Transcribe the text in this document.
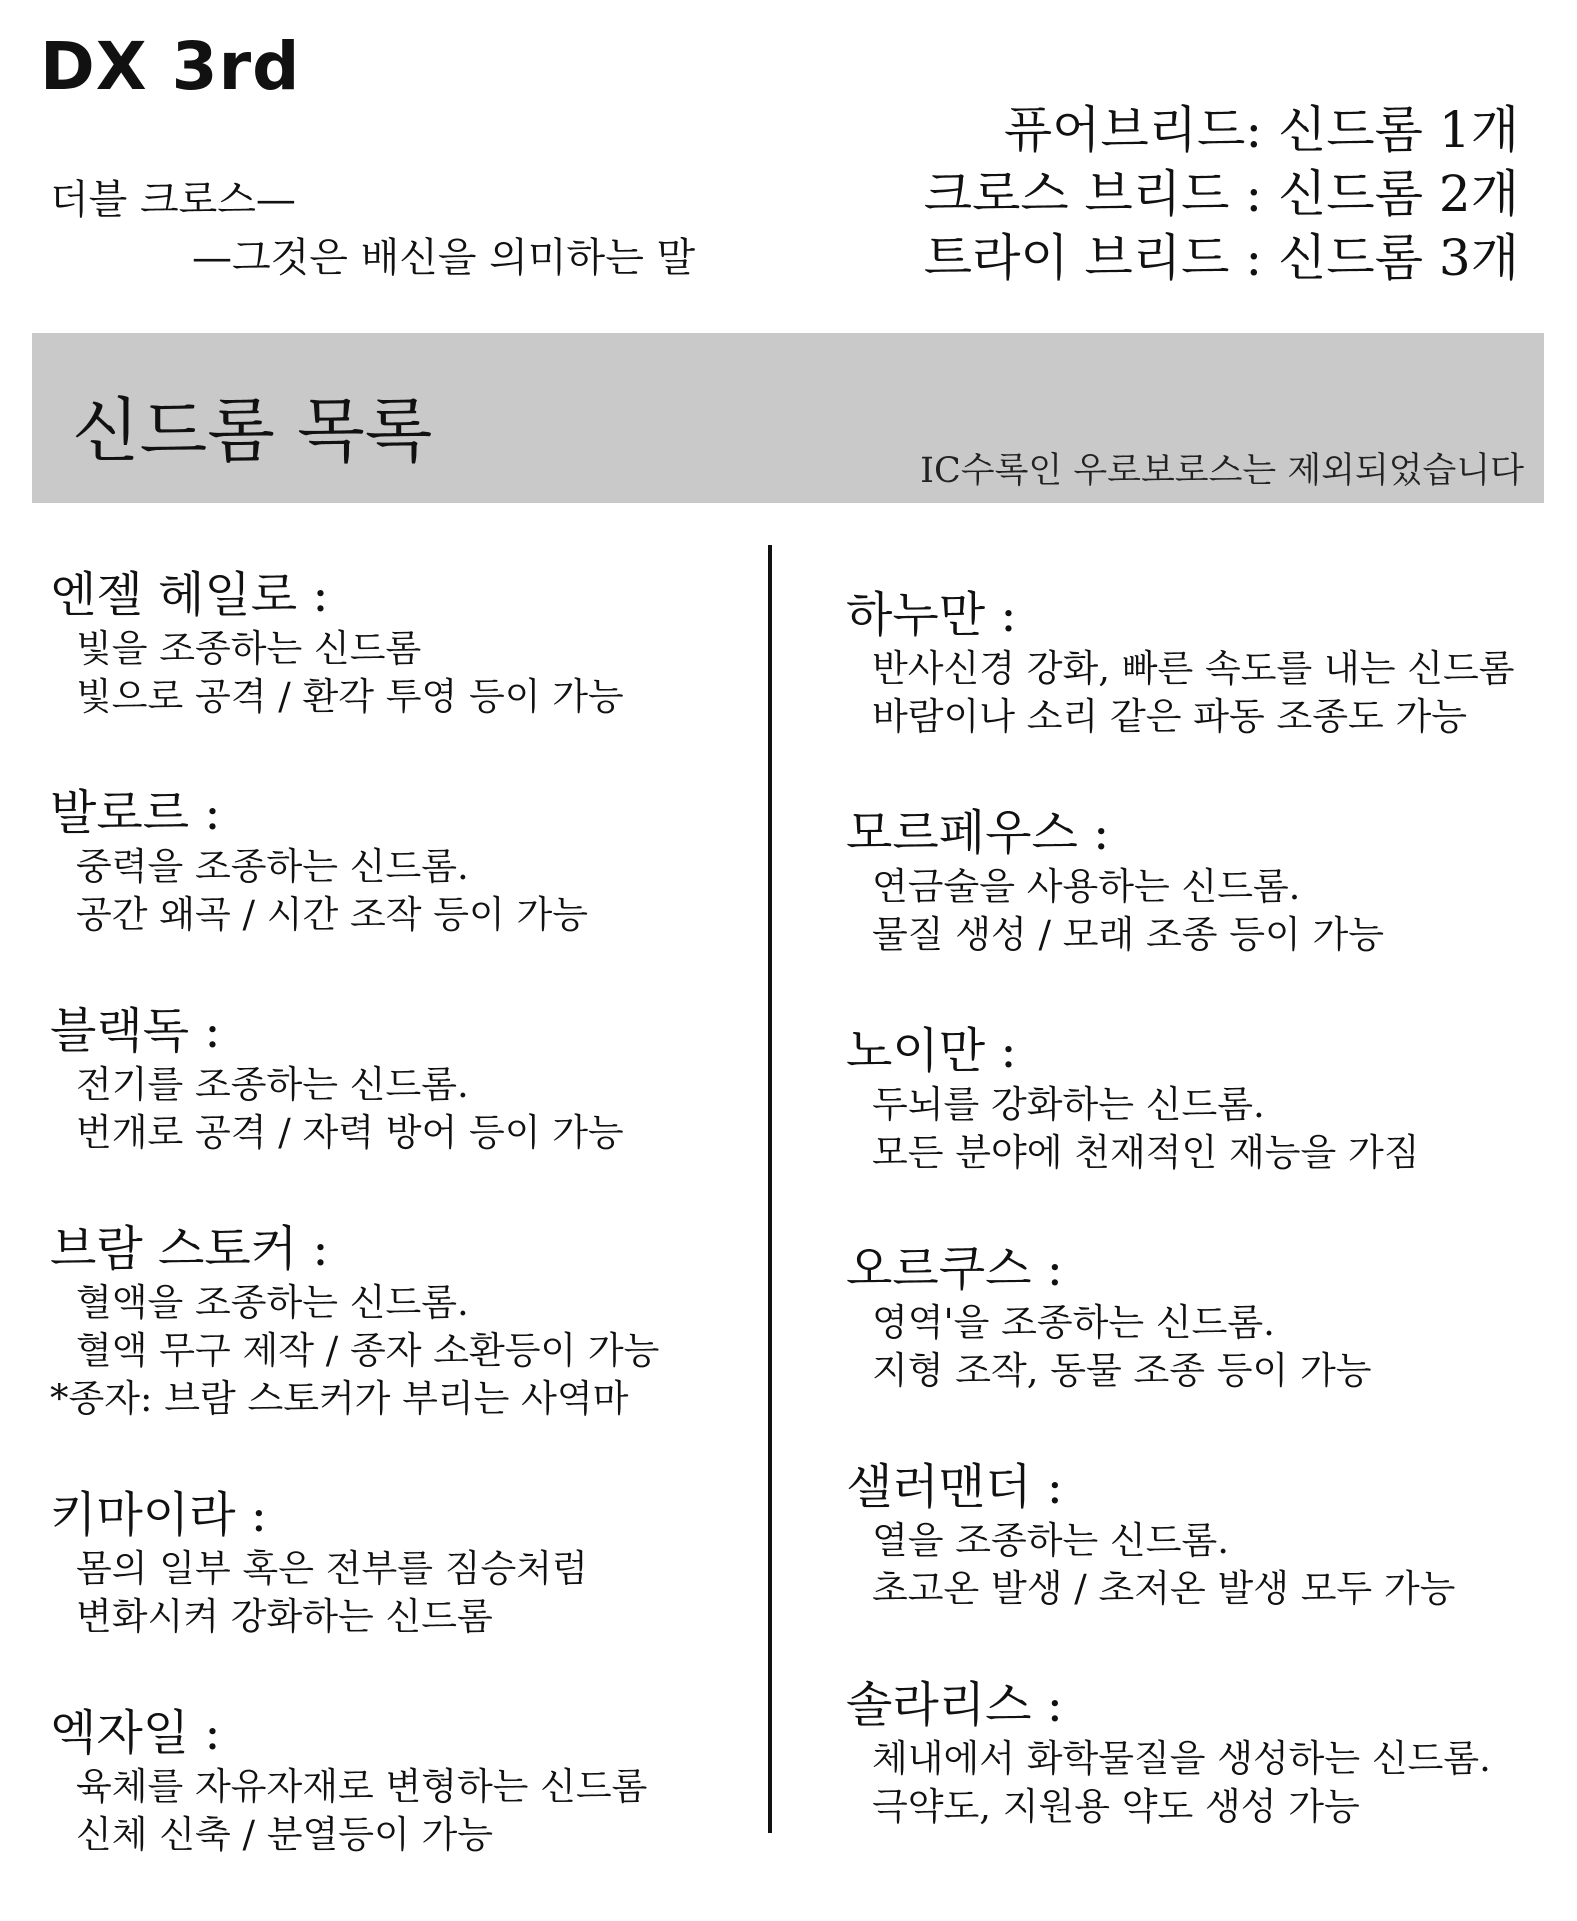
DX 3rd
더블 크로스—
—그것은 배신을 의미하는 말
퓨어브리드: 신드롬 1개
크로스 브리드 : 신드롬 2개
트라이 브리드 : 신드롬 3개
신드롬 목록	IC수록인 우로보로스는 제외되었습니다
엔젤 헤일로 :
빛을 조종하는 신드롬
빛으로 공격 / 환각 투영 등이 가능
발로르 :
중력을 조종하는 신드롬.
공간 왜곡 / 시간 조작 등이 가능
블랙독 :
전기를 조종하는 신드롬.
번개로 공격 / 자력 방어 등이 가능
브람 스토커 :
혈액을 조종하는 신드롬.
혈액 무구 제작 / 종자 소환등이 가능
*종자: 브람 스토커가 부리는 사역마
키마이라 :
몸의 일부 혹은 전부를 짐승처럼
변화시켜 강화하는 신드롬
엑자일 :
육체를 자유자재로 변형하는 신드롬
신체 신축 / 분열등이 가능
하누만 :
반사신경 강화, 빠른 속도를 내는 신드롬
바람이나 소리 같은 파동 조종도 가능
모르페우스 :
연금술을 사용하는 신드롬.
물질 생성 / 모래 조종 등이 가능
노이만 :
두뇌를 강화하는 신드롬.
모든 분야에 천재적인 재능을 가짐
오르쿠스 :
영역'을 조종하는 신드롬.
지형 조작, 동물 조종 등이 가능
샐러맨더 :
열을 조종하는 신드롬.
초고온 발생 / 초저온 발생 모두 가능
솔라리스 :
체내에서 화학물질을 생성하는 신드롬.
극약도, 지원용 약도 생성 가능
